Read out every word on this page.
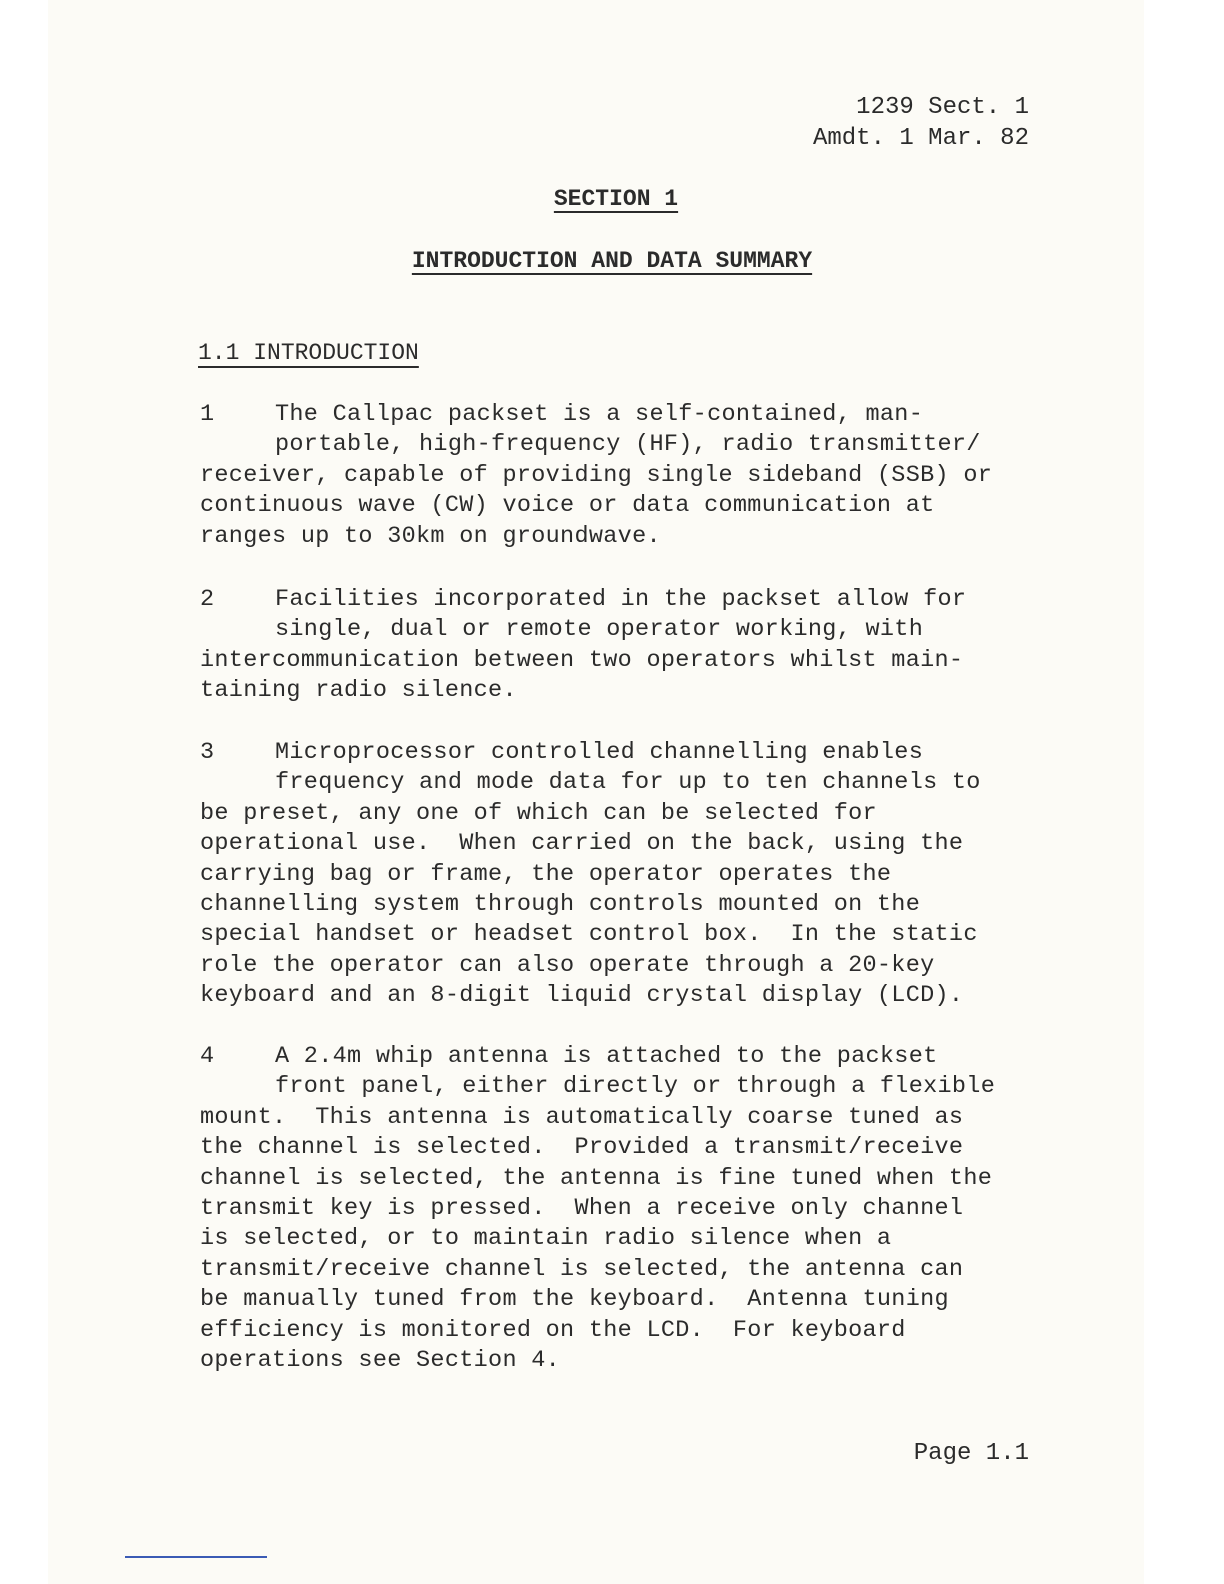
1239 Sect. 1
Amdt. 1 Mar. 82
SECTION 1
INTRODUCTION AND DATA SUMMARY
1.1 INTRODUCTION
1	The Callpac packset is a self-contained, man-
portable, high-frequency (HF), radio transmitter/
receiver, capable of providing single sideband (SSB) or
continuous wave (CW) voice or data communication at
ranges up to 30km on groundwave.
2	Facilities incorporated in the packset allow for
single, dual or remote operator working, with
intercommunication between two operators whilst main-
taining radio silence.
3	Microprocessor controlled channelling enables
frequency and mode data for up to ten channels to
be preset, any one of which can be selected for
operational use.  When carried on the back, using the
carrying bag or frame, the operator operates the
channelling system through controls mounted on the
special handset or headset control box.  In the static
role the operator can also operate through a 20-key
keyboard and an 8-digit liquid crystal display (LCD).
4	A 2.4m whip antenna is attached to the packset
front panel, either directly or through a flexible
mount.  This antenna is automatically coarse tuned as
the channel is selected.  Provided a transmit/receive
channel is selected, the antenna is fine tuned when the
transmit key is pressed.  When a receive only channel
is selected, or to maintain radio silence when a
transmit/receive channel is selected, the antenna can
be manually tuned from the keyboard.  Antenna tuning
efficiency is monitored on the LCD.  For keyboard
operations see Section 4.
Page 1.1
